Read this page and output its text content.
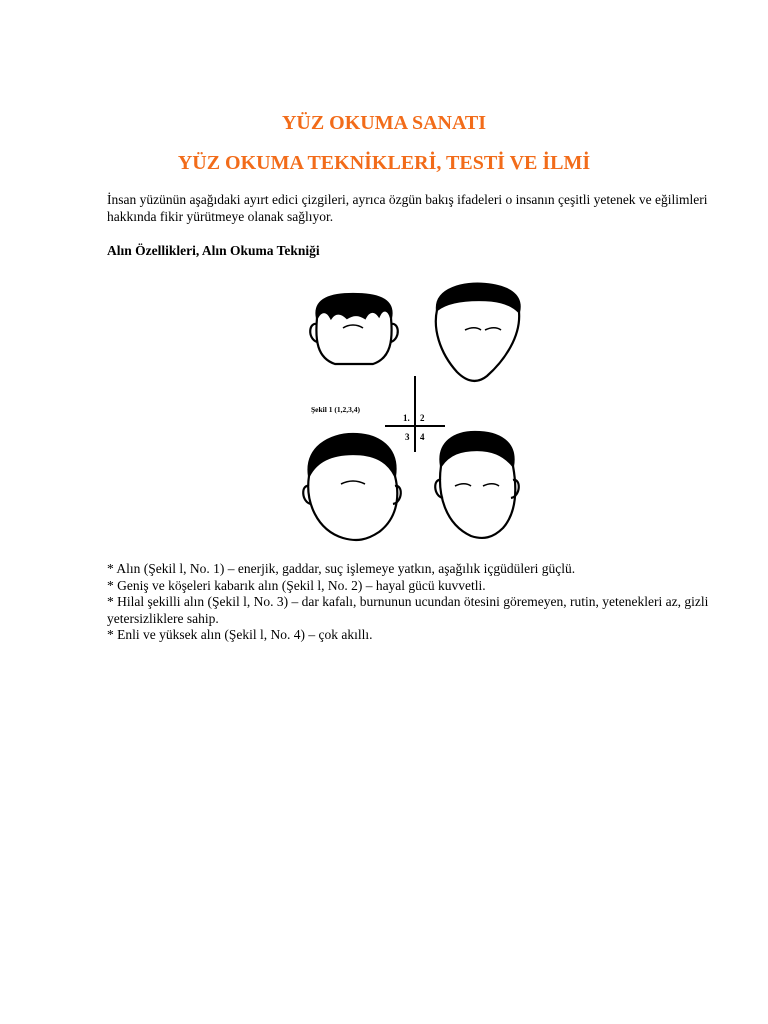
YÜZ OKUMA SANATI
YÜZ OKUMA TEKNİKLERİ, TESTİ VE İLMİ

İnsan yüzünün aşağıdaki ayırt edici çizgileri, ayrıca özgün bakış ifadeleri o insanın çeşitli yetenek ve eğilimleri hakkında fikir yürütmeye olanak sağlıyor.

Alın Özellikleri, Alın Okuma Tekniği

Şekil 1 (1,2,3,4)
1. 2
3 4
* Alın (Şekil l, No. 1) – enerjik, gaddar, suç işlemeye yatkın, aşağılık içgüdüleri güçlü.
* Geniş ve köşeleri kabarık alın (Şekil l, No. 2) – hayal gücü kuvvetli.
* Hilal şekilli alın (Şekil l, No. 3) – dar kafalı, burnunun ucundan ötesini göremeyen, rutin, yetenekleri az, gizli yetersizliklere sahip.
* Enli ve yüksek alın (Şekil l, No. 4) – çok akıllı.
